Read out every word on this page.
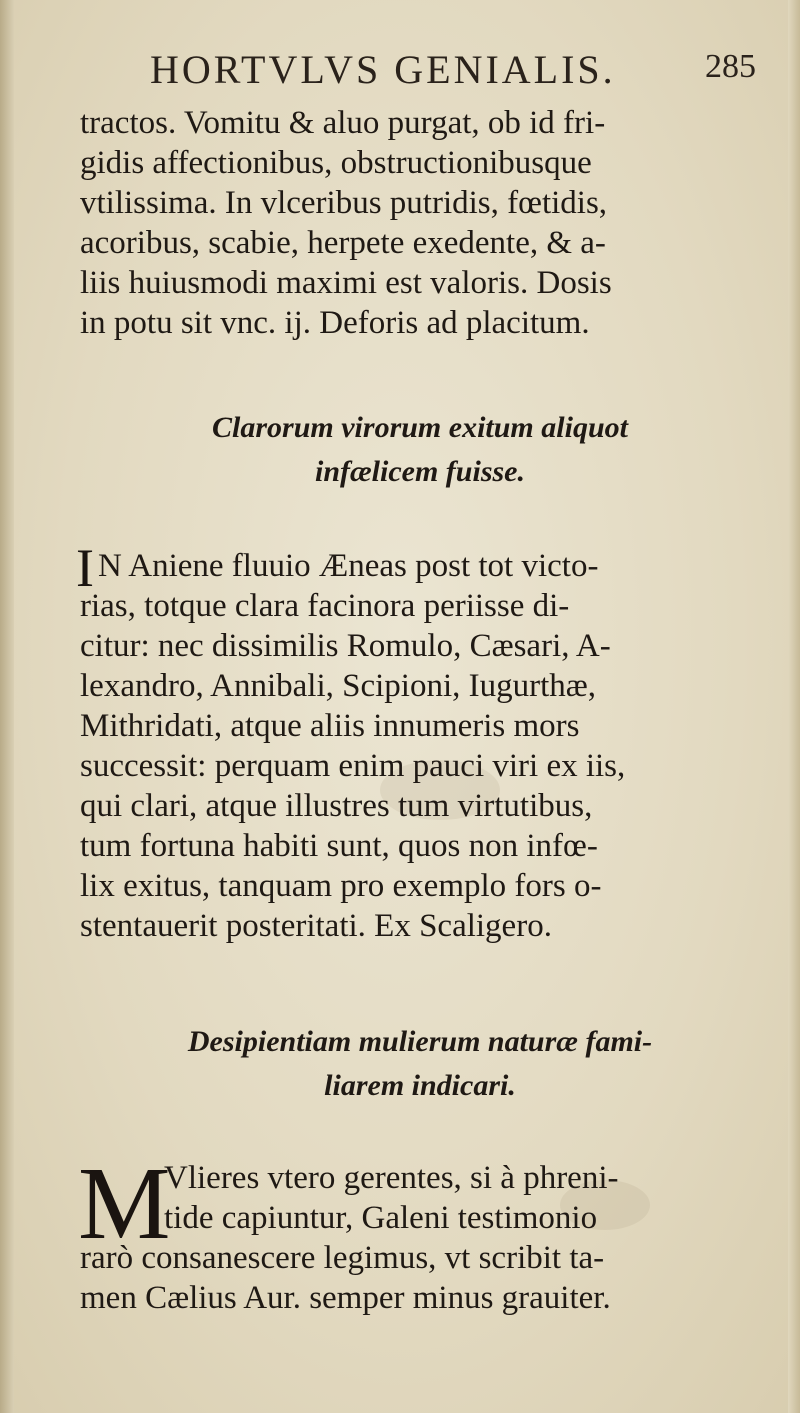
HORTVLVS GENIALIS.	285
tractos. Vomitu & aluo purgat, ob id fri-
gidis affectionibus, obstructionibusque
vtilissima. In vlceribus putridis, fœtidis,
acoribus, scabie, herpete exedente, & a-
liis huiusmodi maximi est valoris. Dosis
in potu sit vnc. ij. Deforis ad placitum.
Clarorum virorum exitum aliquot
infælicem fuisse.
I N Aniene fluuio Æneas post tot victo-
rias, totque clara facinora periisse di-
citur: nec dissimilis Romulo, Cæsari, A-
lexandro, Annibali, Scipioni, Iugurthæ,
Mithridati, atque aliis innumeris mors
successit: perquam enim pauci viri ex iis,
qui clari, atque illustres tum virtutibus,
tum fortuna habiti sunt, quos non infœ-
lix exitus, tanquam pro exemplo fors o-
stentauerit posteritati. Ex Scaligero.
Desipientiam mulierum naturæ fami-
liarem indicari.
M
Vlieres vtero gerentes, si à phreni-
tide capiuntur, Galeni testimonio
rarò consanescere legimus, vt scribit ta-
men Cælius Aur. semper minus grauiter.
